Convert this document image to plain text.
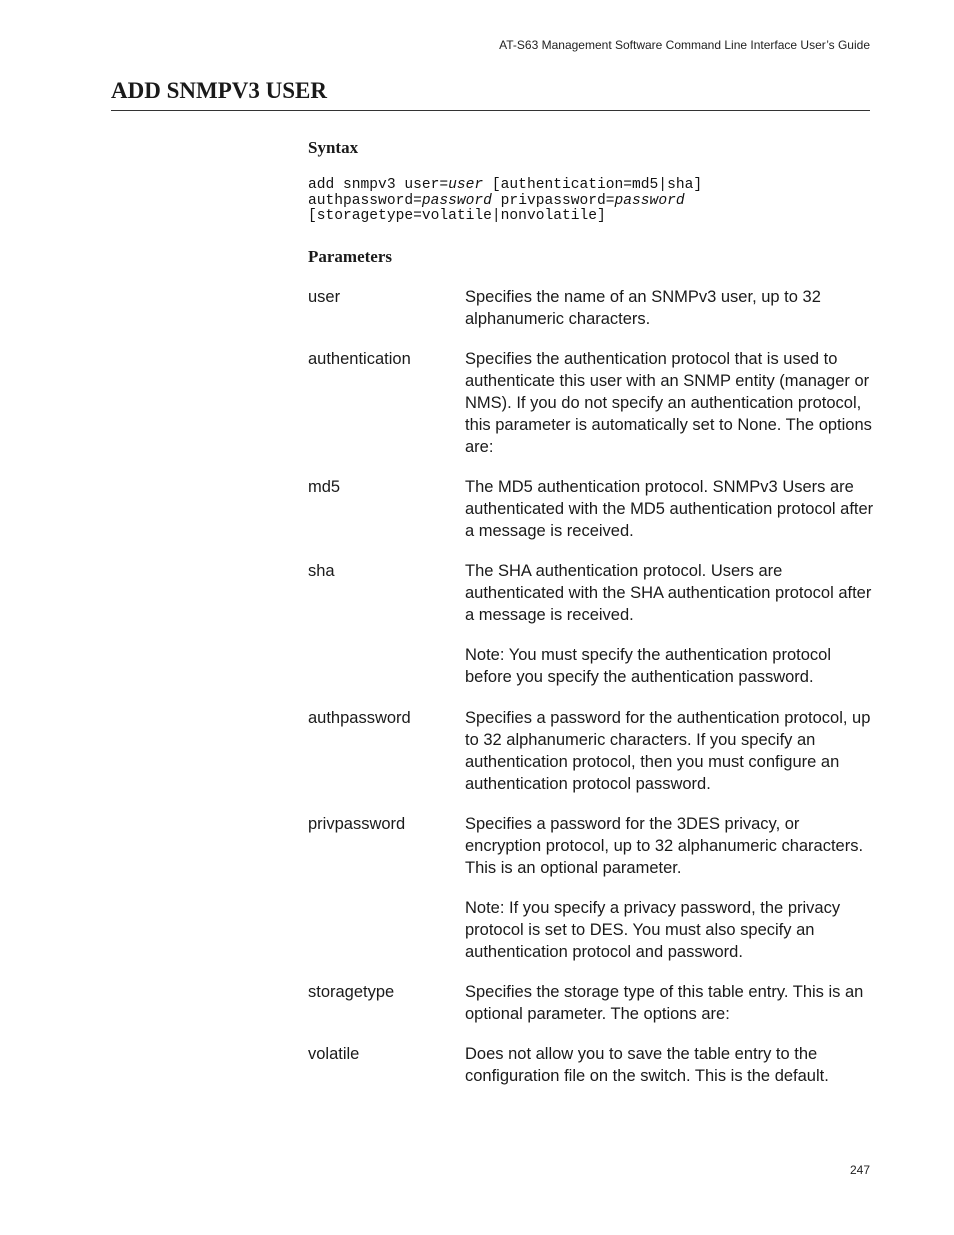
AT-S63 Management Software Command Line Interface User’s Guide
ADD SNMPV3 USER
Syntax
add snmpv3 user=user [authentication=md5|sha]
authpassword=password privpassword=password
[storagetype=volatile|nonvolatile]
Parameters
user	Specifies the name of an SNMPv3 user, up to 32 alphanumeric characters.
authentication	Specifies the authentication protocol that is used to authenticate this user with an SNMP entity (manager or NMS). If you do not specify an authentication protocol, this parameter is automatically set to None. The options are:
md5	The MD5 authentication protocol. SNMPv3 Users are authenticated with the MD5 authentication protocol after a message is received.
sha	The SHA authentication protocol. Users are authenticated with the SHA authentication protocol after a message is received.
Note: You must specify the authentication protocol before you specify the authentication password.
authpassword	Specifies a password for the authentication protocol, up to 32 alphanumeric characters. If you specify an authentication protocol, then you must configure an authentication protocol password.
privpassword	Specifies a password for the 3DES privacy, or encryption protocol, up to 32 alphanumeric characters. This is an optional parameter.
Note: If you specify a privacy password, the privacy protocol is set to DES. You must also specify an authentication protocol and password.
storagetype	Specifies the storage type of this table entry. This is an optional parameter. The options are:
volatile	Does not allow you to save the table entry to the configuration file on the switch. This is the default.
247
